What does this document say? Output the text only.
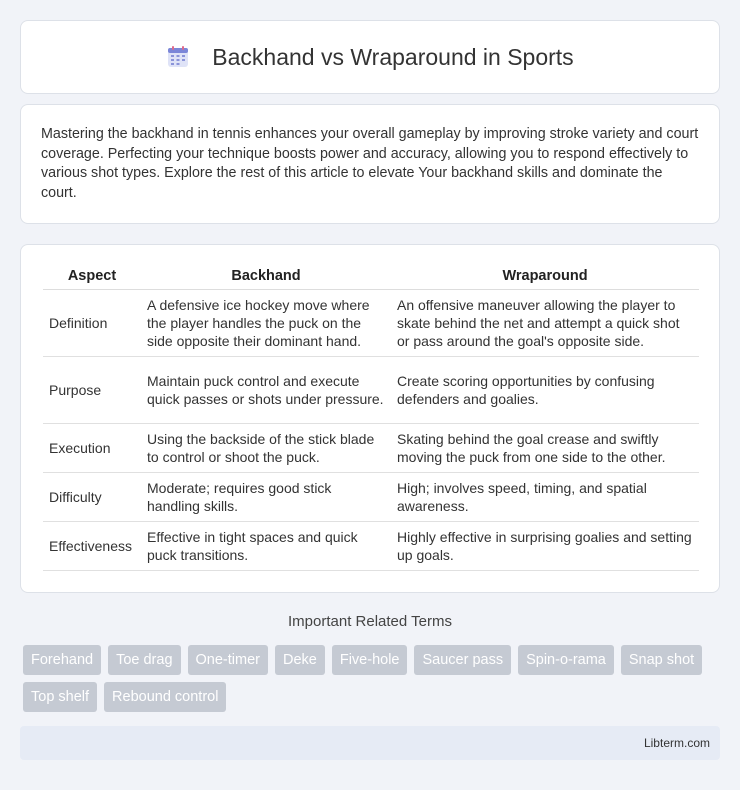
Backhand vs Wraparound in Sports

Mastering the backhand in tennis enhances your overall gameplay by improving stroke variety and court coverage. Perfecting your technique boosts power and accuracy, allowing you to respond effectively to various shot types. Explore the rest of this article to elevate Your backhand skills and dominate the court.

Aspect	Backhand	Wraparound
Definition	A defensive ice hockey move where the player handles the puck on the side opposite their dominant hand.	An offensive maneuver allowing the player to skate behind the net and attempt a quick shot or pass around the goal's opposite side.
Purpose	Maintain puck control and execute quick passes or shots under pressure.	Create scoring opportunities by confusing defenders and goalies.
Execution	Using the backside of the stick blade to control or shoot the puck.	Skating behind the goal crease and swiftly moving the puck from one side to the other.
Difficulty	Moderate; requires good stick handling skills.	High; involves speed, timing, and spatial awareness.
Effectiveness	Effective in tight spaces and quick puck transitions.	Highly effective in surprising goalies and setting up goals.
Important Related Terms
Forehand	Toe drag	One-timer	Deke	Five-hole	Saucer pass	Spin-o-rama	Snap shot
Top shelf	Rebound control
Libterm.com
